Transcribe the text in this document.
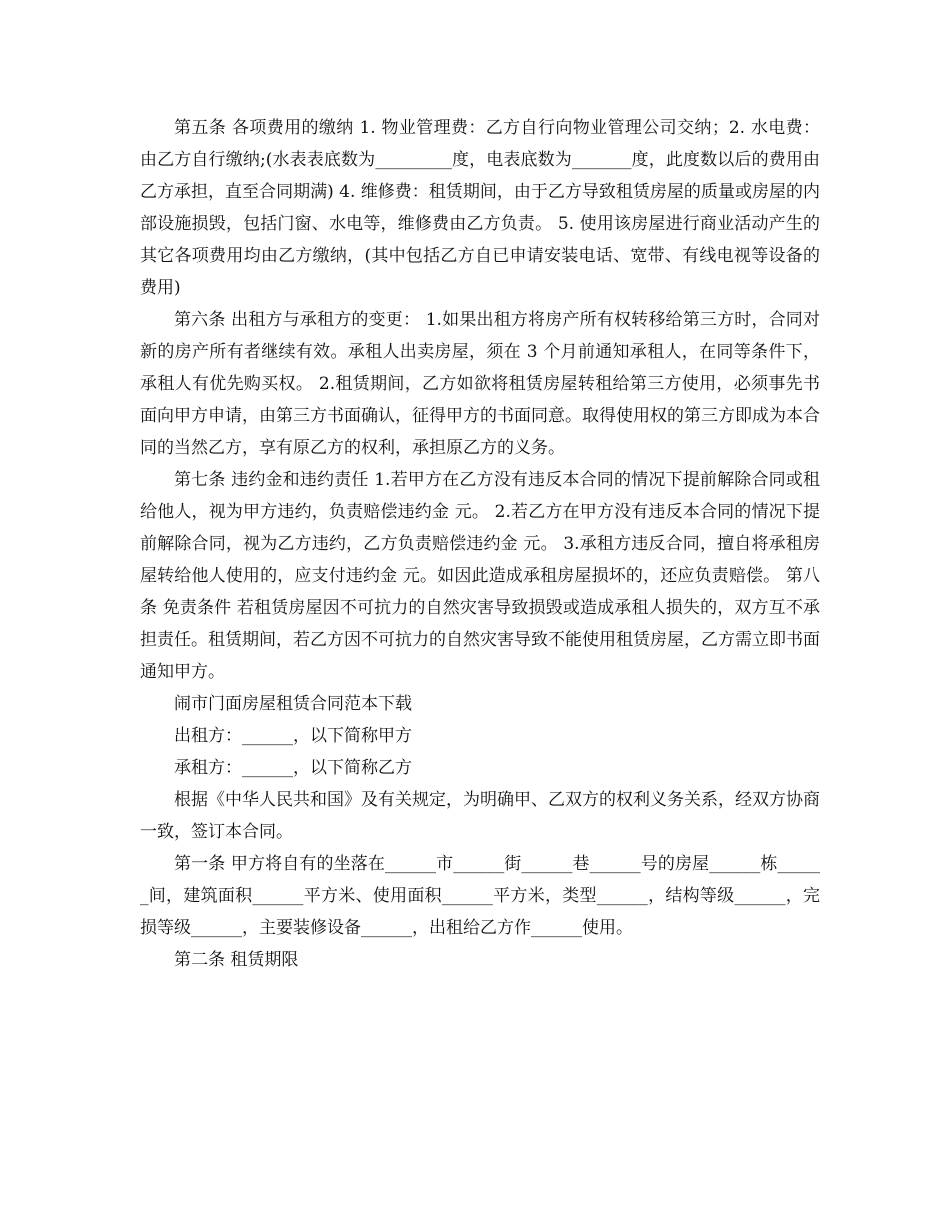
第五条 各项费用的缴纳 1. 物业管理费：乙方自行向物业管理公司交纳；2. 水电费：由乙方自行缴纳;(水表表底数为_________度，电表底数为_______度，此度数以后的费用由乙方承担，直至合同期满) 4. 维修费：租赁期间，由于乙方导致租赁房屋的质量或房屋的内部设施损毁，包括门窗、水电等，维修费由乙方负责。 5. 使用该房屋进行商业活动产生的其它各项费用均由乙方缴纳，(其中包括乙方自已申请安装电话、宽带、有线电视等设备的费用)

第六条 出租方与承租方的变更： 1.如果出租方将房产所有权转移给第三方时，合同对新的房产所有者继续有效。承租人出卖房屋，须在 3 个月前通知承租人，在同等条件下，承租人有优先购买权。 2.租赁期间，乙方如欲将租赁房屋转租给第三方使用，必须事先书面向甲方申请，由第三方书面确认，征得甲方的书面同意。取得使用权的第三方即成为本合同的当然乙方，享有原乙方的权利，承担原乙方的义务。

第七条 违约金和违约责任 1.若甲方在乙方没有违反本合同的情况下提前解除合同或租给他人，视为甲方违约，负责赔偿违约金 元。 2.若乙方在甲方没有违反本合同的情况下提前解除合同，视为乙方违约，乙方负责赔偿违约金 元。 3.承租方违反合同，擅自将承租房屋转给他人使用的，应支付违约金 元。如因此造成承租房屋损坏的，还应负责赔偿。 第八条 免责条件 若租赁房屋因不可抗力的自然灾害导致损毁或造成承租人损失的，双方互不承担责任。租赁期间，若乙方因不可抗力的自然灾害导致不能使用租赁房屋，乙方需立即书面通知甲方。

闹市门面房屋租赁合同范本下载

出租方：______，以下简称甲方

承租方：______，以下简称乙方

根据《中华人民共和国》及有关规定，为明确甲、乙双方的权利义务关系，经双方协商一致，签订本合同。

第一条 甲方将自有的坐落在______市______街______巷______号的房屋______栋______间，建筑面积______平方米、使用面积______平方米，类型______，结构等级______，完损等级______，主要装修设备______，出租给乙方作______使用。

第二条 租赁期限
